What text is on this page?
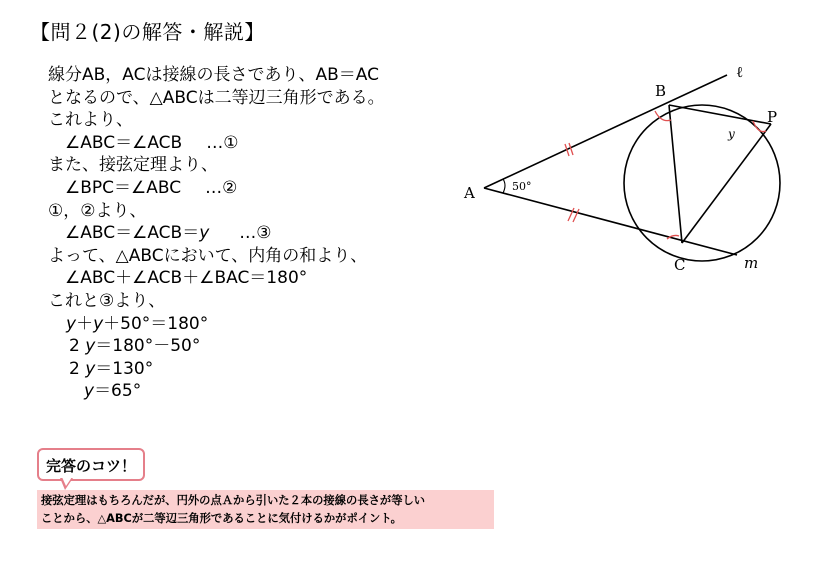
【問２(2)の解答・解説】
線分AB，ACは接線の長さであり、AB＝AC
となるので、△ABCは二等辺三角形である。
これより、
∠ABC＝∠ACB …①
また、接弦定理より、
∠BPC＝∠ABC …②
①，②より、
∠ABC＝∠ACB＝y …③
よって、△ABCにおいて、内角の和より、
∠ABC＋∠ACB＋∠BAC＝180°
これと③より、
y＋y＋50°＝180°
2 y＝180°－50°
2 y＝130°
y＝65°
A
B
C
P
ℓ
m
50°
y
完答のコツ！
接弦定理はもちろんだが、円外の点Ａから引いた２本の接線の長さが等しい
ことから、△ABCが二等辺三角形であることに気付けるかがポイント。
